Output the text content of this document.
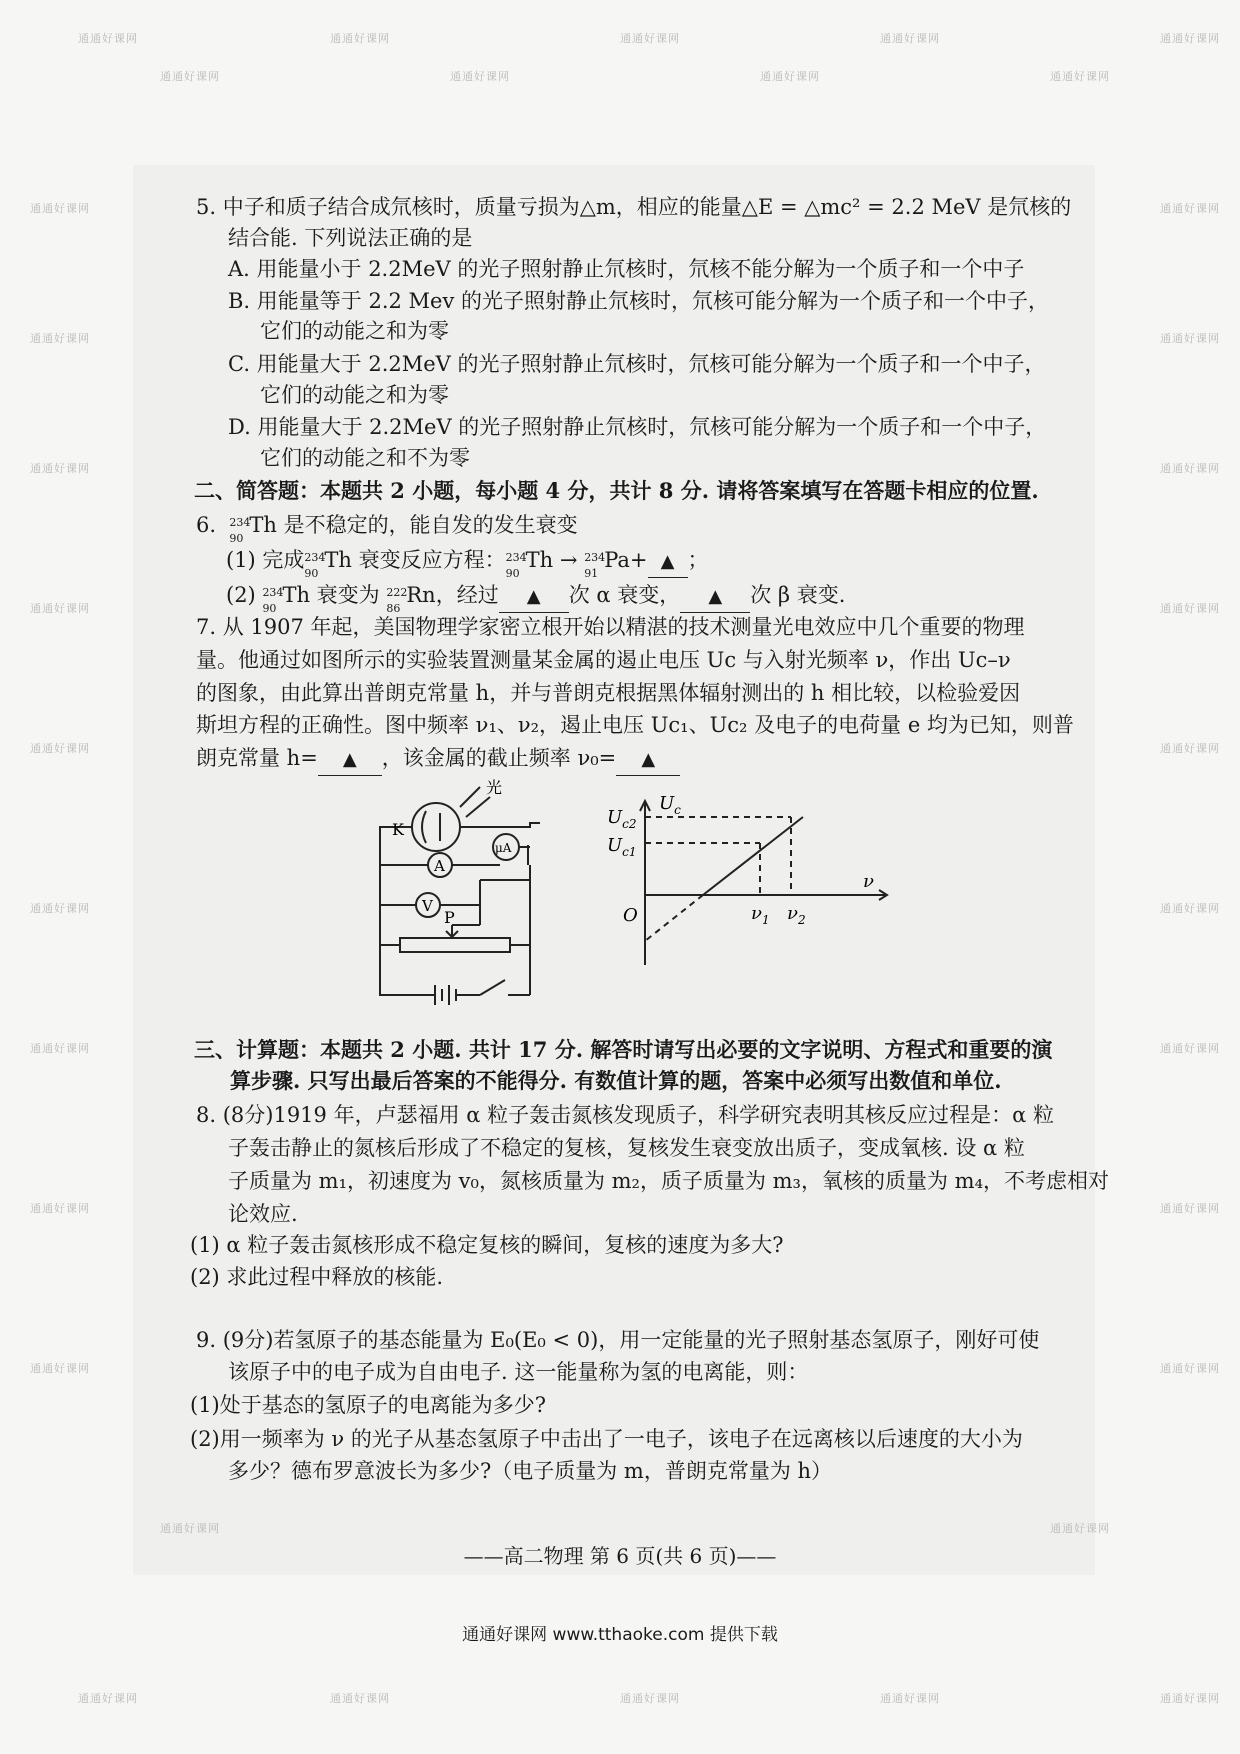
通通好课网
通通好课网
通通好课网
通通好课网
通通好课网
通通好课网
通通好课网
通通好课网
通通好课网
通通好课网	通通好课网
通通好课网	通通好课网
通通好课网	通通好课网
通通好课网	通通好课网
通通好课网	通通好课网
通通好课网	通通好课网
通通好课网	通通好课网
通通好课网	通通好课网
通通好课网	通通好课网
通通好课网	通通好课网	通通好课网	通通好课网	通通好课网
通通好课网	通通好课网
5. 中子和质子结合成氘核时，质量亏损为△m，相应的能量△E = △mc² = 2.2 MeV 是氘核的
结合能. 下列说法正确的是
A. 用能量小于 2.2MeV 的光子照射静止氘核时，氘核不能分解为一个质子和一个中子
B. 用能量等于 2.2 Mev 的光子照射静止氘核时，氘核可能分解为一个质子和一个中子，
它们的动能之和为零
C. 用能量大于 2.2MeV 的光子照射静止氘核时，氘核可能分解为一个质子和一个中子，
它们的动能之和为零
D. 用能量大于 2.2MeV 的光子照射静止氘核时，氘核可能分解为一个质子和一个中子，
它们的动能之和不为零
二、简答题：本题共 2 小题，每小题 4 分，共计 8 分. 请将答案填写在答题卡相应的位置.
6. 234
90
Th 是不稳定的，能自发的发生衰变
(1) 完成 234
90
Th 衰变反应方程： 234
90
Th → 234
91
Pa+ ▲ ；
(2) 234
90
Th 衰变为 222
86
Rn，经过 ▲ 次 α 衰变， ▲ 次 β 衰变.
7. 从 1907 年起，美国物理学家密立根开始以精湛的技术测量光电效应中几个重要的物理
量。他通过如图所示的实验装置测量某金属的遏止电压 Uc 与入射光频率 ν，作出 Uc–ν
的图象，由此算出普朗克常量 h，并与普朗克根据黑体辐射测出的 h 相比较，以检验爱因
斯坦方程的正确性。图中频率 ν₁、ν₂，遏止电压 Uc₁、Uc₂ 及电子的电荷量 e 均为已知，则普
朗克常量 h= ▲ ，该金属的截止频率 ν₀= ▲
光
K
A
V
μA
P
$U_c$
$U_{c2}$
$U_{c1}$
O
ν
$\nu_1$ $\nu_2$
三、计算题：本题共 2 小题. 共计 17 分. 解答时请写出必要的文字说明、方程式和重要的演
算步骤. 只写出最后答案的不能得分. 有数值计算的题，答案中必须写出数值和单位.
8. (8分)1919 年，卢瑟福用 α 粒子轰击氮核发现质子，科学研究表明其核反应过程是：α 粒
子轰击静止的氮核后形成了不稳定的复核，复核发生衰变放出质子，变成氧核. 设 α 粒
子质量为 m₁，初速度为 v₀，氮核质量为 m₂，质子质量为 m₃，氧核的质量为 m₄，不考虑相对
论效应.
(1) α 粒子轰击氮核形成不稳定复核的瞬间，复核的速度为多大?
(2) 求此过程中释放的核能.
9. (9分)若氢原子的基态能量为 E₀(E₀ < 0)，用一定能量的光子照射基态氢原子，刚好可使
该原子中的电子成为自由电子. 这一能量称为氢的电离能，则：
(1)处于基态的氢原子的电离能为多少?
(2)用一频率为 ν 的光子从基态氢原子中击出了一电子，该电子在远离核以后速度的大小为
多少？德布罗意波长为多少?（电子质量为 m，普朗克常量为 h）
——高二物理 第 6 页(共 6 页)——
通通好课网 www.tthaoke.com 提供下载
